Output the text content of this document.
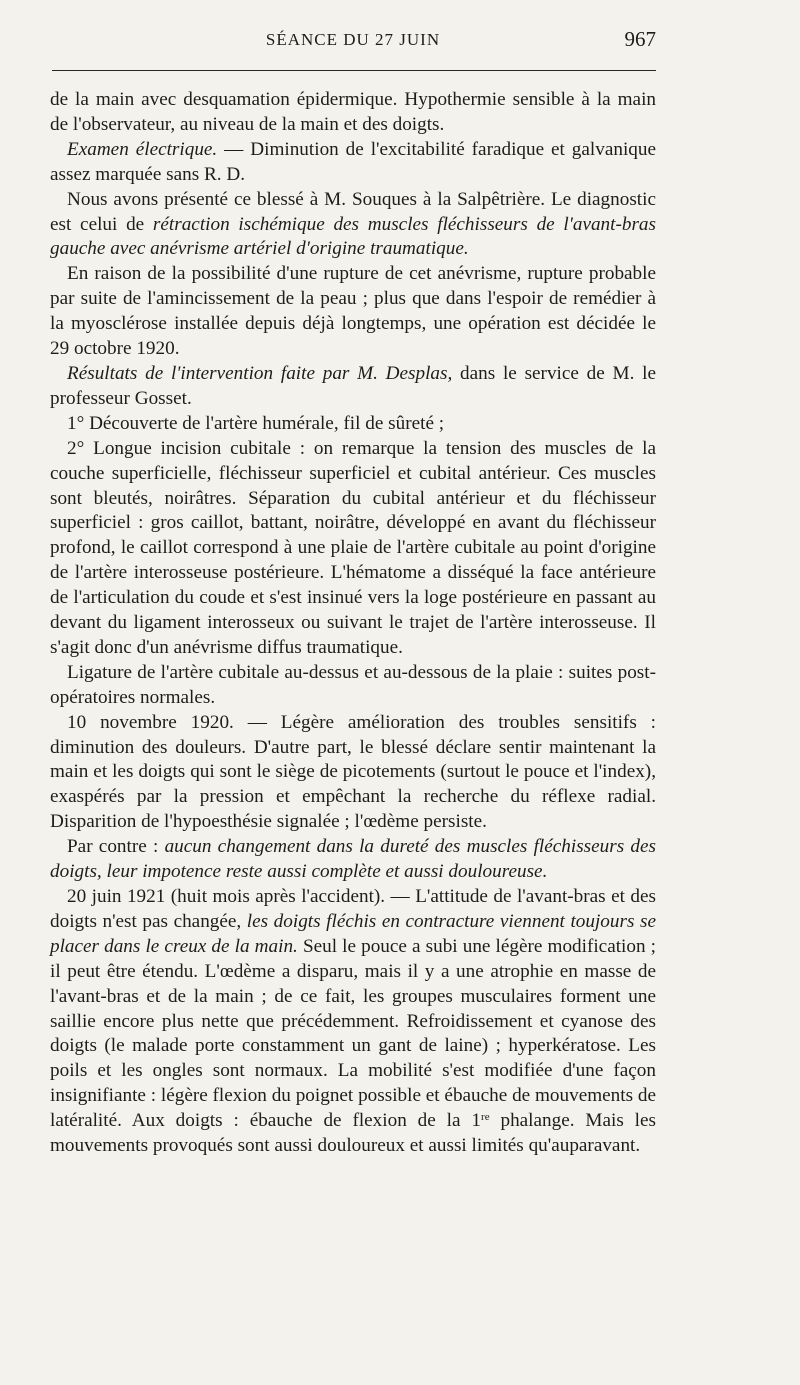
SÉANCE DU 27 JUIN	967

de la main avec desquamation épidermique. Hypothermie sensible à la main de l'observateur, au niveau de la main et des doigts.

Examen électrique. — Diminution de l'excitabilité faradique et galvanique assez marquée sans R. D.

Nous avons présenté ce blessé à M. Souques à la Salpêtrière. Le diagnostic est celui de rétraction ischémique des muscles fléchisseurs de l'avant-bras gauche avec anévrisme artériel d'origine traumatique.

En raison de la possibilité d'une rupture de cet anévrisme, rupture probable par suite de l'amincissement de la peau ; plus que dans l'espoir de remédier à la myosclérose installée depuis déjà longtemps, une opération est décidée le 29 octobre 1920.

Résultats de l'intervention faite par M. Desplas, dans le service de M. le professeur Gosset.

1° Découverte de l'artère humérale, fil de sûreté ;

2° Longue incision cubitale : on remarque la tension des muscles de la couche superficielle, fléchisseur superficiel et cubital antérieur. Ces muscles sont bleutés, noirâtres. Séparation du cubital antérieur et du fléchisseur superficiel : gros caillot, battant, noirâtre, développé en avant du fléchisseur profond, le caillot correspond à une plaie de l'artère cubitale au point d'origine de l'artère interosseuse postérieure. L'hématome a disséqué la face antérieure de l'articulation du coude et s'est insinué vers la loge postérieure en passant au devant du ligament interosseux ou suivant le trajet de l'artère interosseuse. Il s'agit donc d'un anévrisme diffus traumatique.

Ligature de l'artère cubitale au-dessus et au-dessous de la plaie : suites post-opératoires normales.

10 novembre 1920. — Légère amélioration des troubles sensitifs : diminution des douleurs. D'autre part, le blessé déclare sentir maintenant la main et les doigts qui sont le siège de picotements (surtout le pouce et l'index), exaspérés par la pression et empêchant la recherche du réflexe radial. Disparition de l'hypoesthésie signalée ; l'œdème persiste.

Par contre : aucun changement dans la dureté des muscles fléchisseurs des doigts, leur impotence reste aussi complète et aussi douloureuse.

20 juin 1921 (huit mois après l'accident). — L'attitude de l'avant-bras et des doigts n'est pas changée, les doigts fléchis en contracture viennent toujours se placer dans le creux de la main. Seul le pouce a subi une légère modification ; il peut être étendu. L'œdème a disparu, mais il y a une atrophie en masse de l'avant-bras et de la main ; de ce fait, les groupes musculaires forment une saillie encore plus nette que précédemment. Refroidissement et cyanose des doigts (le malade porte constamment un gant de laine) ; hyperkératose. Les poils et les ongles sont normaux. La mobilité s'est modifiée d'une façon insignifiante : légère flexion du poignet possible et ébauche de mouvements de latéralité. Aux doigts : ébauche de flexion de la 1re phalange. Mais les mouvements provoqués sont aussi douloureux et aussi limités qu'auparavant.
